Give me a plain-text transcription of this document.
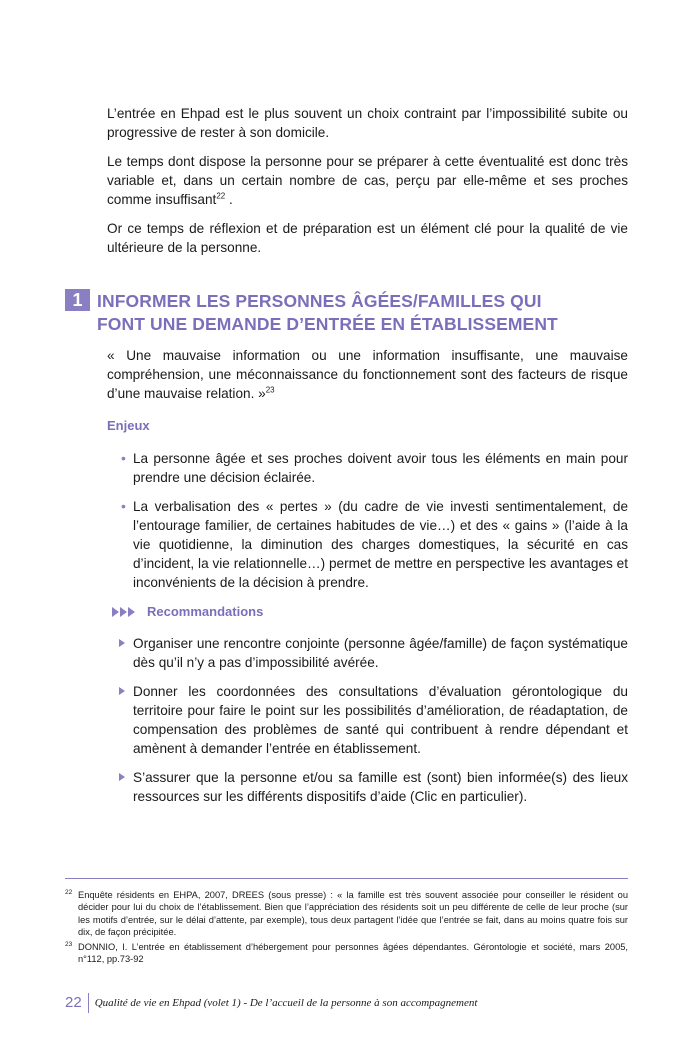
L’entrée en Ehpad est le plus souvent un choix contraint par l’impossibilité subite ou progressive de rester à son domicile.

Le temps dont dispose la personne pour se préparer à cette éventualité est donc très variable et, dans un certain nombre de cas, perçu par elle-même et ses proches comme insuffisant$^{22}$ .

Or ce temps de réflexion et de préparation est un élément clé pour la qualité de vie ultérieure de la personne.

1 INFORMER LES PERSONNES ÂGÉES/FAMILLES QUI
FONT UNE DEMANDE D’ENTRÉE EN ÉTABLISSEMENT

« Une mauvaise information ou une information insuffisante, une mauvaise compréhension, une méconnaissance du fonctionnement sont des facteurs de risque d’une mauvaise relation. »$^{23}$

Enjeux
• La personne âgée et ses proches doivent avoir tous les éléments en main pour prendre une décision éclairée.

• La verbalisation des « pertes » (du cadre de vie investi sentimentalement, de l’entourage familier, de certaines habitudes de vie…) et des « gains » (l’aide à la vie quotidienne, la diminution des charges domestiques, la sécurité en cas d’incident, la vie relationnelle…) permet de mettre en perspective les avantages et inconvénients de la décision à prendre.

Recommandations

Organiser une rencontre conjointe (personne âgée/famille) de façon systématique dès qu’il n’y a pas d’impossibilité avérée.

Donner les coordonnées des consultations d’évaluation gérontologique du territoire pour faire le point sur les possibilités d’amélioration, de réadaptation, de compensation des problèmes de santé qui contribuent à rendre dépendant et amènent à demander l’entrée en établissement.

S’assurer que la personne et/ou sa famille est (sont) bien informée(s) des lieux ressources sur les différents dispositifs d’aide (Clic en particulier).

22 Enquête résidents en EHPA, 2007, DREES (sous presse) : « la famille est très souvent associée pour conseiller le résident ou décider pour lui du choix de l’établissement. Bien que l’appréciation des résidents soit un peu différente de celle de leur proche (sur les motifs d’entrée, sur le délai d’attente, par exemple), tous deux partagent l’idée que l’entrée se fait, dans au moins quatre fois sur dix, de façon précipitée.
23 DONNIO, I. L’entrée en établissement d’hébergement pour personnes âgées dépendantes. Gérontologie et société, mars 2005, n°112, pp.73-92
22	Qualité de vie en Ehpad (volet 1) - De l’accueil de la personne à son accompagnement
